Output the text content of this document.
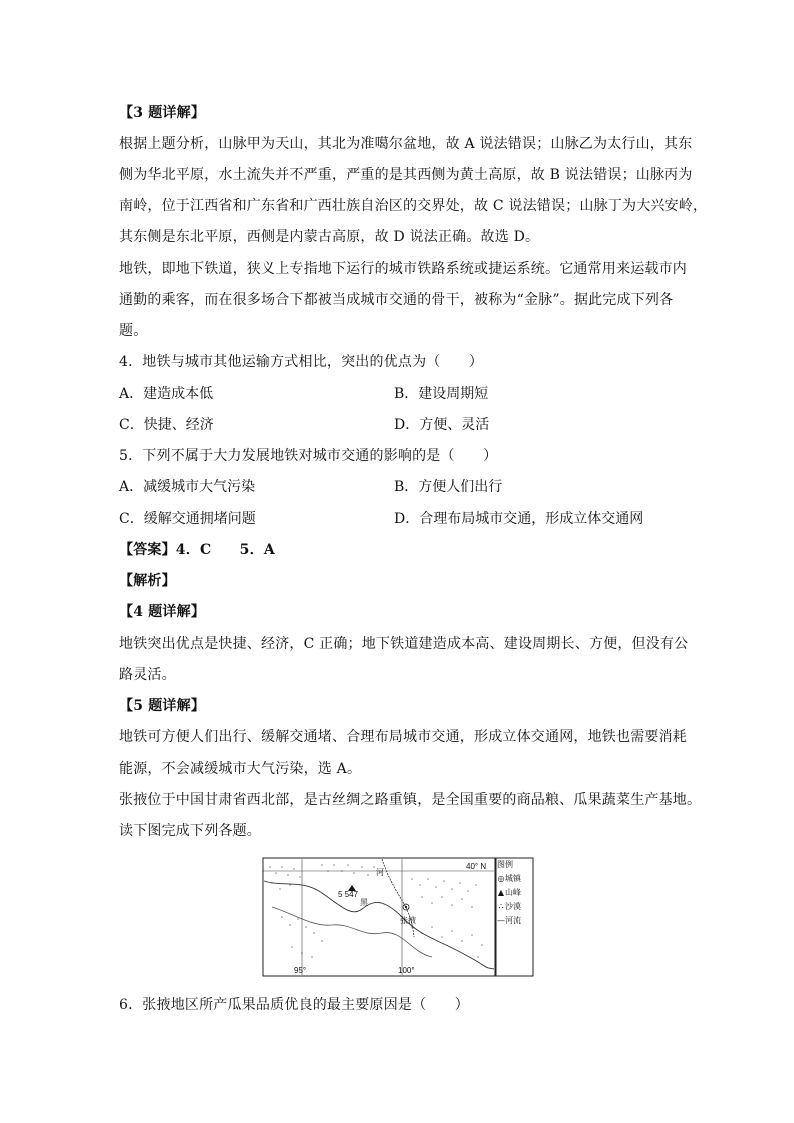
【3 题详解】
根据上题分析，山脉甲为天山，其北为准噶尔盆地，故 A 说法错误；山脉乙为太行山，其东
侧为华北平原，水土流失并不严重，严重的是其西侧为黄土高原，故 B 说法错误；山脉丙为
南岭，位于江西省和广东省和广西壮族自治区的交界处，故 C 说法错误；山脉丁为大兴安岭，
其东侧是东北平原，西侧是内蒙古高原，故 D 说法正确。故选 D。
地铁，即地下铁道，狭义上专指地下运行的城市铁路系统或捷运系统。它通常用来运载市内
通勤的乘客，而在很多场合下都被当成城市交通的骨干，被称为“金脉”。据此完成下列各
题。
4．地铁与城市其他运输方式相比，突出的优点为（　　）
A．建造成本低	B．建设周期短
C．快捷、经济	D．方便、灵活
5．下列不属于大力发展地铁对城市交通的影响的是（　　）
A．减缓城市大气污染	B．方便人们出行
C．缓解交通拥堵问题	D．合理布局城市交通，形成立体交通网
【答案】4．C　　5．A
【解析】
【4 题详解】
地铁突出优点是快捷、经济，C 正确；地下铁道建造成本高、建设周期长、方便，但没有公
路灵活。
【5 题详解】
地铁可方便人们出行、缓解交通堵、合理布局城市交通，形成立体交通网，地铁也需要消耗
能源，不会减缓城市大气污染，选 A。
张掖位于中国甘肃省西北部，是古丝绸之路重镇，是全国重要的商品粮、瓜果蔬菜生产基地。
读下图完成下列各题。
40° N
5 547
河
黑
张掖
95°	100°
图例
◎城镇
▲山峰
∴沙漠
—河流
6．张掖地区所产瓜果品质优良的最主要原因是（　　）
